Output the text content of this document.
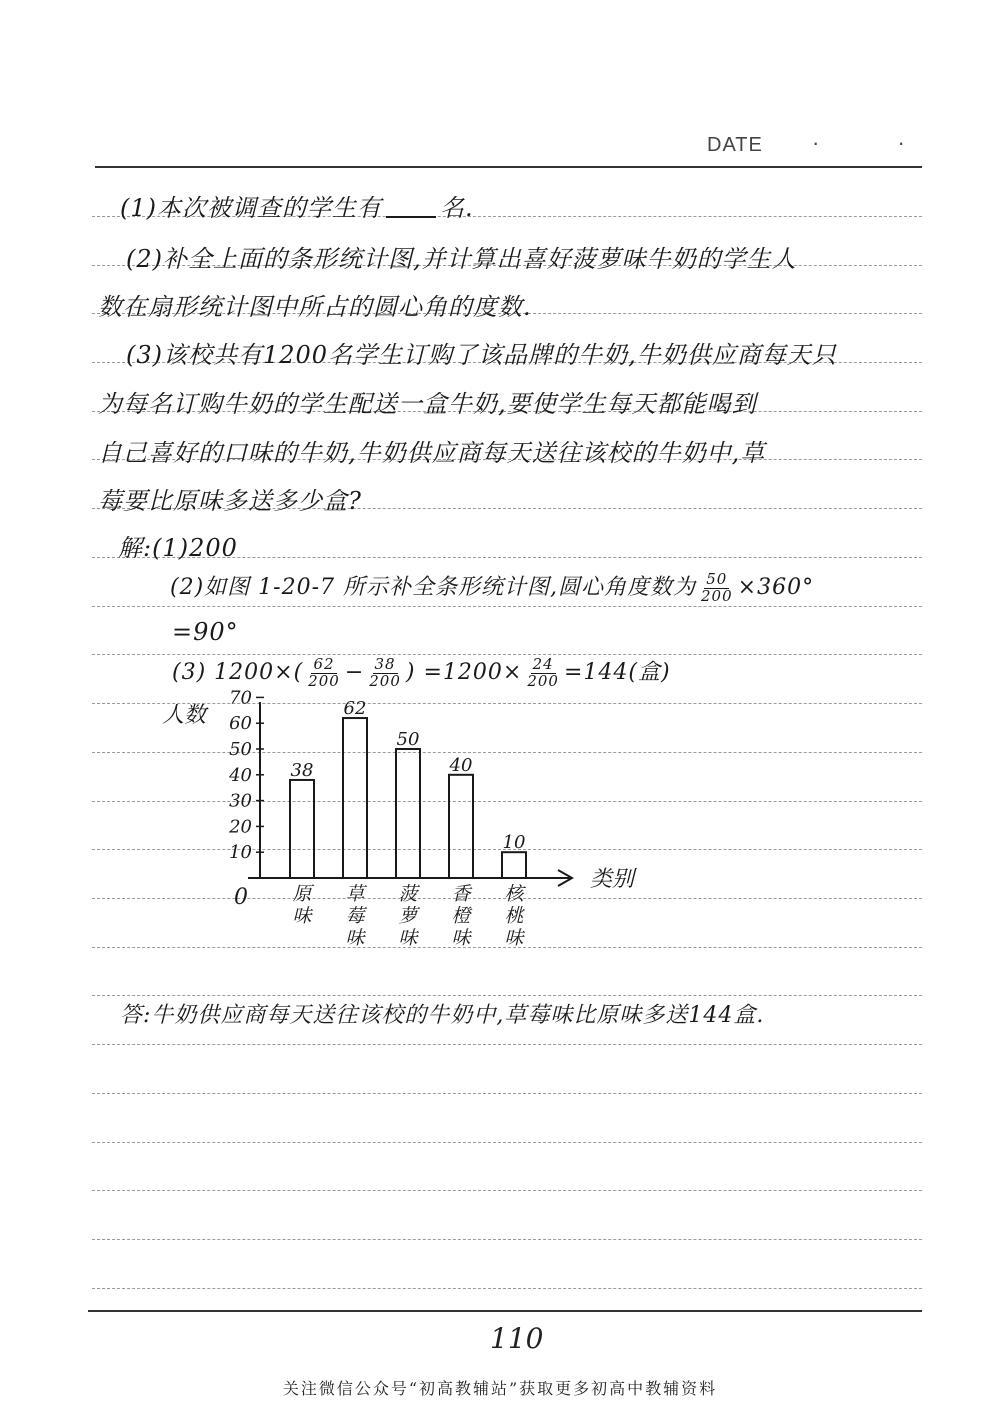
DATE · ·
(1)本次被调查的学生有 名.
(2)补全上面的条形统计图,并计算出喜好菠萝味牛奶的学生人
数在扇形统计图中所占的圆心角的度数.
(3)该校共有1200名学生订购了该品牌的牛奶,牛奶供应商每天只
为每名订购牛奶的学生配送一盒牛奶,要使学生每天都能喝到
自己喜好的口味的牛奶,牛奶供应商每天送往该校的牛奶中,草
莓要比原味多送多少盒?
解:(1)200
(2)如图 1-20-7 所示补全条形统计图,圆心角度数为 $\frac{50}{200} \times 360^\circ$
=90°
(3) $1200\times( \frac{62}{200} - \frac{38}{200}$ ) $=1200\times \frac{24}{200} =144$(盒)
10
20
30
40
50
60
70
人数
类别
0
38
原
味
62
草
莓
味
50
菠
萝
味
40
香
橙
味
10
核
桃
味
答:牛奶供应商每天送往该校的牛奶中,草莓味比原味多送144盒.
110
关注微信公众号“初高教辅站”获取更多初高中教辅资料
